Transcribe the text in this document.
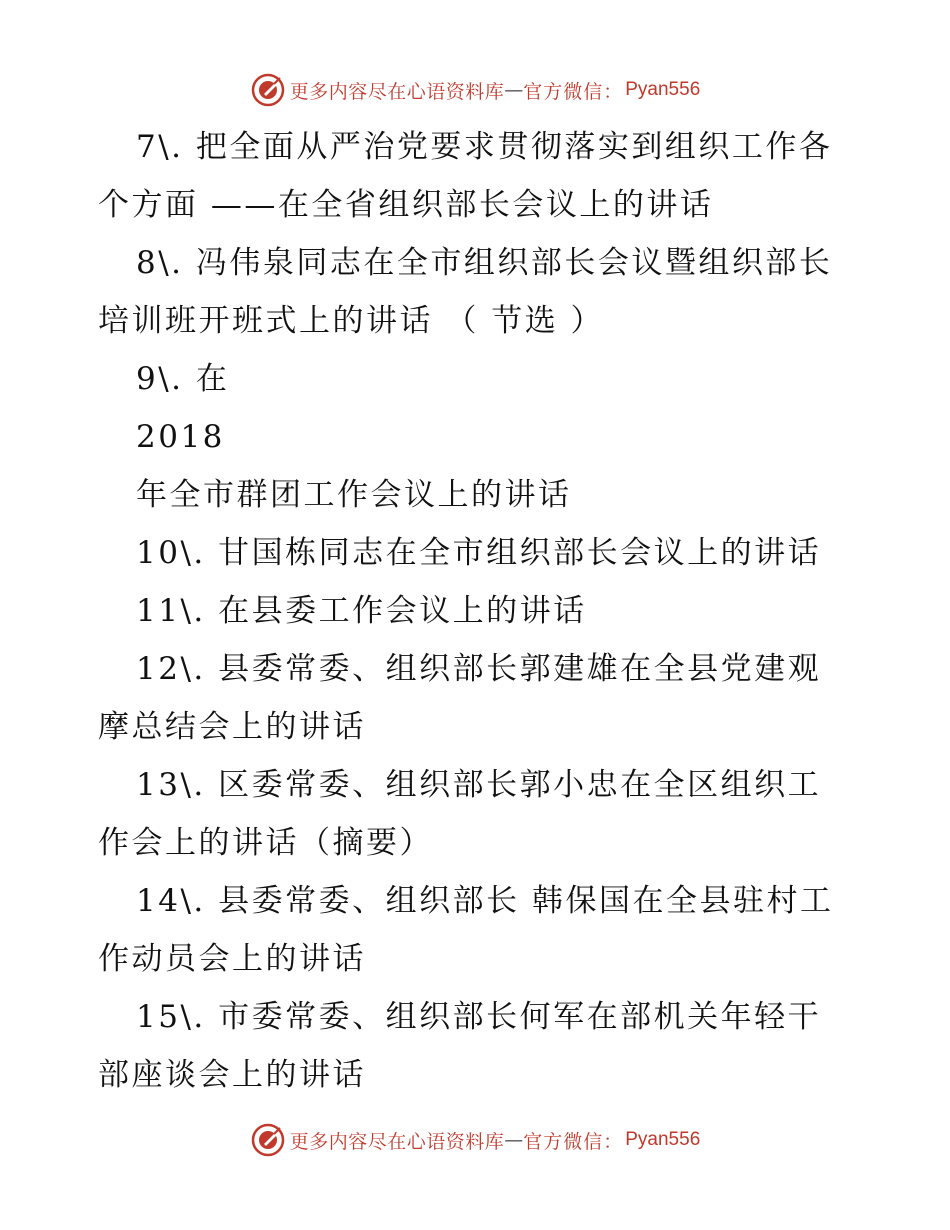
更多内容尽在心语资料库 — 官方微信： Pyan556
7\. 把全面从严治党要求贯彻落实到组织工作各
个方面 ——在全省组织部长会议上的讲话
8\. 冯伟泉同志在全市组织部长会议暨组织部长
培训班开班式上的讲话 （ 节选 ）
9\. 在
2018
年全市群团工作会议上的讲话
10\. 甘国栋同志在全市组织部长会议上的讲话
11\. 在县委工作会议上的讲话
12\. 县委常委、组织部长郭建雄在全县党建观
摩总结会上的讲话
13\. 区委常委、组织部长郭小忠在全区组织工
作会上的讲话（摘要）
14\. 县委常委、组织部长 韩保国在全县驻村工
作动员会上的讲话
15\. 市委常委、组织部长何军在部机关年轻干
部座谈会上的讲话
更多内容尽在心语资料库 — 官方微信： Pyan556
